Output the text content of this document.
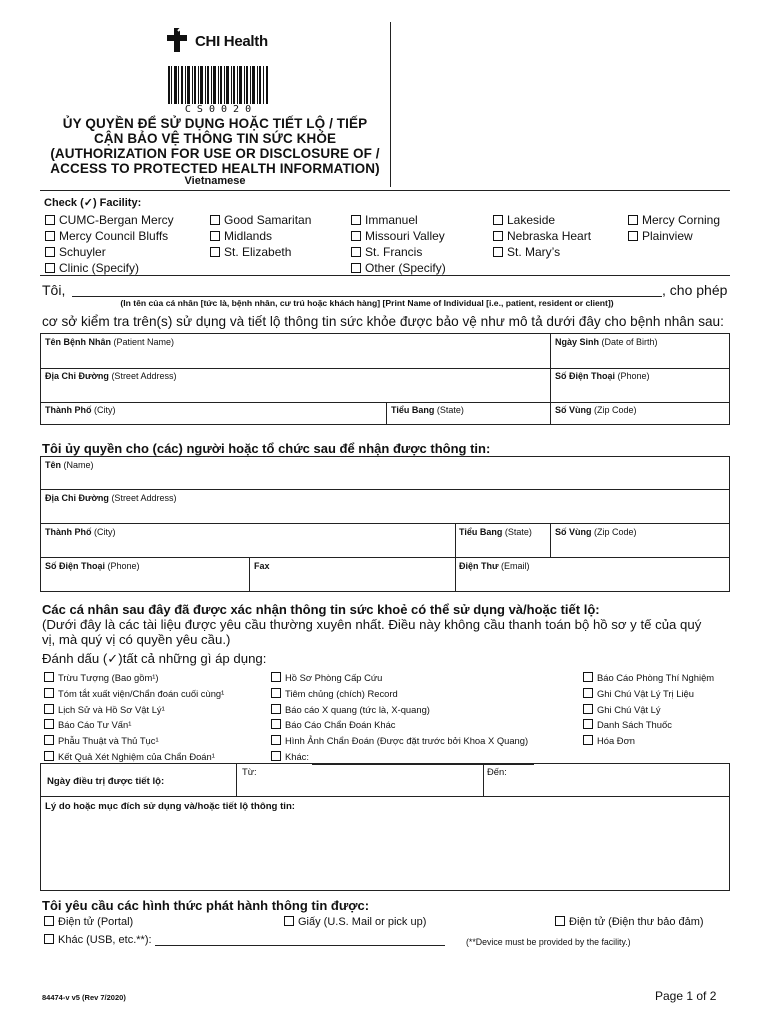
CHI Health
C S 0 0 2 0
ỦY QUYỀN ĐỂ SỬ DỤNG HOẶC TIẾT LỘ / TIẾP
CẬN BẢO VỆ THÔNG TIN SỨC KHỎE
(AUTHORIZATION FOR USE OR DISCLOSURE OF /
ACCESS TO PROTECTED HEALTH INFORMATION)
Vietnamese
Check (✓) Facility:
CUMC-Bergan Mercy
Mercy Council Bluffs
Schuyler
Clinic (Specify)
Good Samaritan
Midlands
St. Elizabeth
Immanuel
Missouri Valley
St. Francis
Other (Specify)
Lakeside
Nebraska Heart
St. Mary’s
Mercy Corning
Plainview
Tôi,	, cho phép
(In tên của cá nhân [tức là, bệnh nhân, cư trú hoặc khách hàng] [Print Name of Individual [i.e., patient, resident or client])
cơ sở kiểm tra trên(s) sử dụng và tiết lộ thông tin sức khỏe được bảo vệ như mô tả dưới đây cho bệnh nhân sau:
Tên Bệnh Nhân (Patient Name)	Ngày Sinh (Date of Birth)
Địa Chỉ Đường (Street Address)	Số Điện Thoại (Phone)
Thành Phố (City)	Tiểu Bang (State)	Số Vùng (Zip Code)
Tôi ủy quyền cho (các) người hoặc tổ chức sau để nhận được thông tin:
Tên (Name)
Địa Chỉ Đường (Street Address)
Thành Phố (City)	Tiểu Bang (State)	Số Vùng (Zip Code)
Số Điện Thoại (Phone)	Fax	Điện Thư (Email)
Các cá nhân sau đây đã được xác nhận thông tin sức khoẻ có thể sử dụng và/hoặc tiết lộ:
(Dưới đây là các tài liệu được yêu cầu thường xuyên nhất. Điều này không cầu thanh toán bộ hồ sơ y tế của quý
vị, mà quý vị có quyền yêu cầu.)
Đánh dấu (✓)tất cả những gì áp dụng:
Trừu Tượng (Bao gồm¹)
Tóm tắt xuất viện/Chẩn đoán cuối cùng¹
Lịch Sử và Hồ Sơ Vật Lý¹
Báo Cáo Tư Vấn¹
Phẫu Thuật và Thủ Tục¹
Kết Quả Xét Nghiệm của Chẩn Đoán¹
Hồ Sơ Phòng Cấp Cứu
Tiêm chủng (chích) Record
Báo cáo X quang (tức là, X-quang)
Báo Cáo Chẩn Đoán Khác
Hình Ảnh Chẩn Đoán (Được đặt trước bởi Khoa X Quang)
Khác:
Báo Cáo Phòng Thí Nghiệm
Ghi Chú Vật Lý Trị Liệu
Ghi Chú Vật Lý
Danh Sách Thuốc
Hóa Đơn
Ngày điều trị được tiết lộ:
Từ:	Đến:
Lý do hoặc mục đích sử dụng và/hoặc tiết lộ thông tin:
Tôi yêu cầu các hình thức phát hành thông tin được:
Điện tử (Portal)	Giấy (U.S. Mail or pick up)	Điện tử (Điện thư bảo đảm)
Khác (USB, etc.**):	(**Device must be provided by the facility.)
84474-v v5 (Rev 7/2020)	Page 1 of 2
